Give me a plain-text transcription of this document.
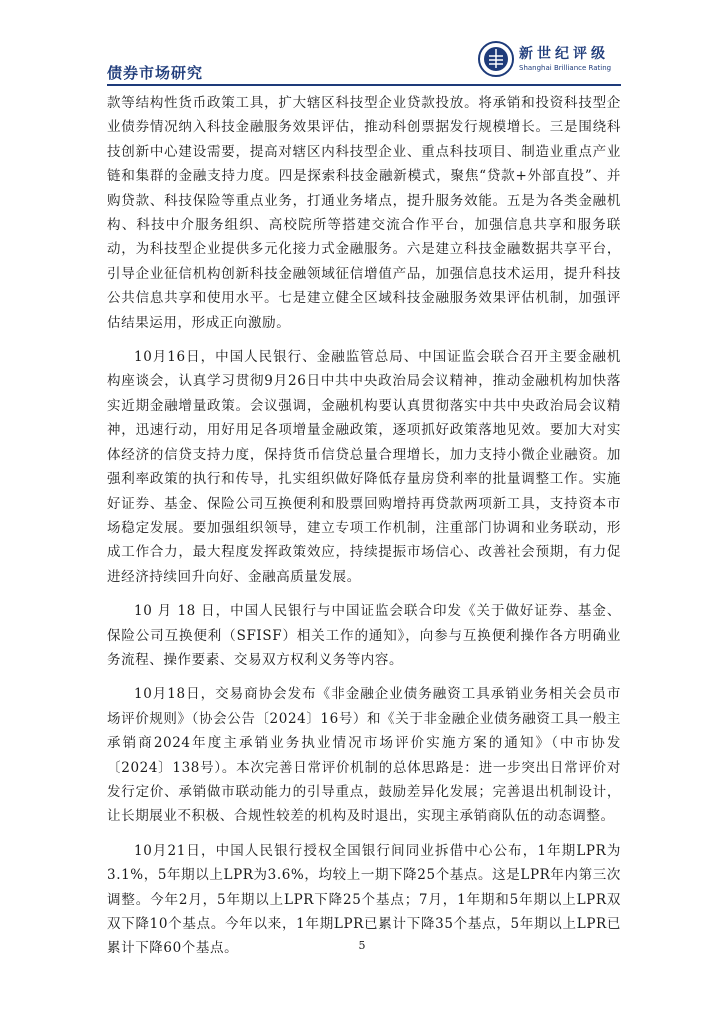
债券市场研究
新世纪评级
Shanghai Brilliance Rating

款等结构性货币政策工具，扩大辖区科技型企业贷款投放。将承销和投资科技型企业债券情况纳入科技金融服务效果评估，推动科创票据发行规模增长。三是围绕科技创新中心建设需要，提高对辖区内科技型企业、重点科技项目、制造业重点产业链和集群的金融支持力度。四是探索科技金融新模式，聚焦“贷款+外部直投”、并购贷款、科技保险等重点业务，打通业务堵点，提升服务效能。五是为各类金融机构、科技中介服务组织、高校院所等搭建交流合作平台，加强信息共享和服务联动，为科技型企业提供多元化接力式金融服务。六是建立科技金融数据共享平台，引导企业征信机构创新科技金融领域征信增值产品，加强信息技术运用，提升科技公共信息共享和使用水平。七是建立健全区域科技金融服务效果评估机制，加强评估结果运用，形成正向激励。

10月16日，中国人民银行、金融监管总局、中国证监会联合召开主要金融机构座谈会，认真学习贯彻9月26日中共中央政治局会议精神，推动金融机构加快落实近期金融增量政策。会议强调，金融机构要认真贯彻落实中共中央政治局会议精神，迅速行动，用好用足各项增量金融政策，逐项抓好政策落地见效。要加大对实体经济的信贷支持力度，保持货币信贷总量合理增长，加力支持小微企业融资。加强利率政策的执行和传导，扎实组织做好降低存量房贷利率的批量调整工作。实施好证券、基金、保险公司互换便利和股票回购增持再贷款两项新工具，支持资本市场稳定发展。要加强组织领导，建立专项工作机制，注重部门协调和业务联动，形成工作合力，最大程度发挥政策效应，持续提振市场信心、改善社会预期，有力促进经济持续回升向好、金融高质量发展。

10 月 18 日，中国人民银行与中国证监会联合印发《关于做好证券、基金、保险公司互换便利（SFISF）相关工作的通知》，向参与互换便利操作各方明确业务流程、操作要素、交易双方权利义务等内容。

10月18日，交易商协会发布《非金融企业债务融资工具承销业务相关会员市场评价规则》（协会公告〔2024〕16号）和《关于非金融企业债务融资工具一般主承销商2024年度主承销业务执业情况市场评价实施方案的通知》（中市协发〔2024〕138号）。本次完善日常评价机制的总体思路是：进一步突出日常评价对发行定价、承销做市联动能力的引导重点，鼓励差异化发展；完善退出机制设计，让长期展业不积极、合规性较差的机构及时退出，实现主承销商队伍的动态调整。

10月21日，中国人民银行授权全国银行间同业拆借中心公布，1年期LPR为3.1%，5年期以上LPR为3.6%，均较上一期下降25个基点。这是LPR年内第三次调整。今年2月，5年期以上LPR下降25个基点；7月，1年期和5年期以上LPR双双下降10个基点。今年以来，1年期LPR已累计下降35个基点，5年期以上LPR已累计下降60个基点。	5
